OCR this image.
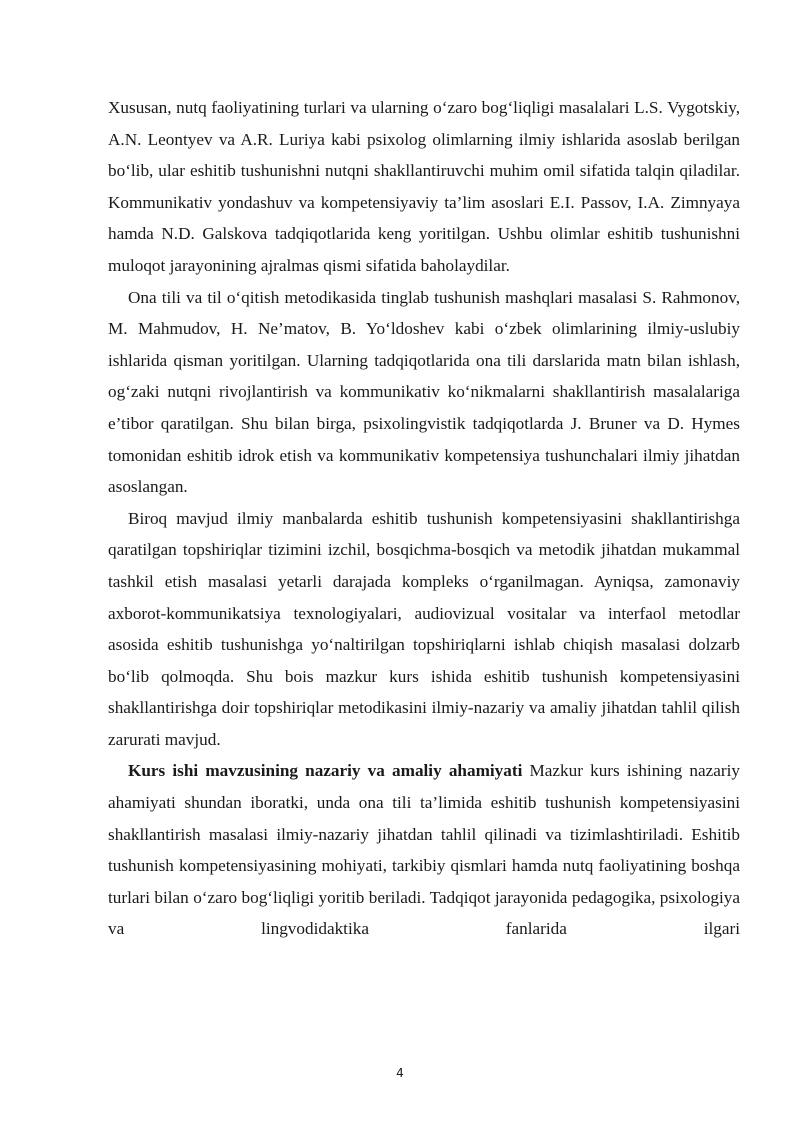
Xususan, nutq faoliyatining turlari va ularning o‘zaro bog‘liqligi masalalari L.S. Vygotskiy, A.N. Leontyev va A.R. Luriya kabi psixolog olimlarning ilmiy ishlarida asoslab berilgan bo‘lib, ular eshitib tushunishni nutqni shakllantiruvchi muhim omil sifatida talqin qiladilar. Kommunikativ yondashuv va kompetensiyaviy ta’lim asoslari E.I. Passov, I.A. Zimnyaya hamda N.D. Galskova tadqiqotlarida keng yoritilgan. Ushbu olimlar eshitib tushunishni muloqot jarayonining ajralmas qismi sifatida baholaydilar.

Ona tili va til o‘qitish metodikasida tinglab tushunish mashqlari masalasi S. Rahmonov, M. Mahmudov, H. Ne’matov, B. Yo‘ldoshev kabi o‘zbek olimlarining ilmiy-uslubiy ishlarida qisman yoritilgan. Ularning tadqiqotlarida ona tili darslarida matn bilan ishlash, og‘zaki nutqni rivojlantirish va kommunikativ ko‘nikmalarni shakllantirish masalalariga e’tibor qaratilgan. Shu bilan birga, psixolingvistik tadqiqotlarda J. Bruner va D. Hymes tomonidan eshitib idrok etish va kommunikativ kompetensiya tushunchalari ilmiy jihatdan asoslangan.

Biroq mavjud ilmiy manbalarda eshitib tushunish kompetensiyasini shakllantirishga qaratilgan topshiriqlar tizimini izchil, bosqichma-bosqich va metodik jihatdan mukammal tashkil etish masalasi yetarli darajada kompleks o‘rganilmagan. Ayniqsa, zamonaviy axborot-kommunikatsiya texnologiyalari, audiovizual vositalar va interfaol metodlar asosida eshitib tushunishga yo‘naltirilgan topshiriqlarni ishlab chiqish masalasi dolzarb bo‘lib qolmoqda. Shu bois mazkur kurs ishida eshitib tushunish kompetensiyasini shakllantirishga doir topshiriqlar metodikasini ilmiy-nazariy va amaliy jihatdan tahlil qilish zarurati mavjud.

Kurs ishi mavzusining nazariy va amaliy ahamiyati Mazkur kurs ishining nazariy ahamiyati shundan iboratki, unda ona tili ta’limida eshitib tushunish kompetensiyasini shakllantirish masalasi ilmiy-nazariy jihatdan tahlil qilinadi va tizimlashtiriladi. Eshitib tushunish kompetensiyasining mohiyati, tarkibiy qismlari hamda nutq faoliyatining boshqa turlari bilan o‘zaro bog‘liqligi yoritib beriladi. Tadqiqot jarayonida pedagogika, psixologiya va lingvodidaktika fanlarida ilgari

4
